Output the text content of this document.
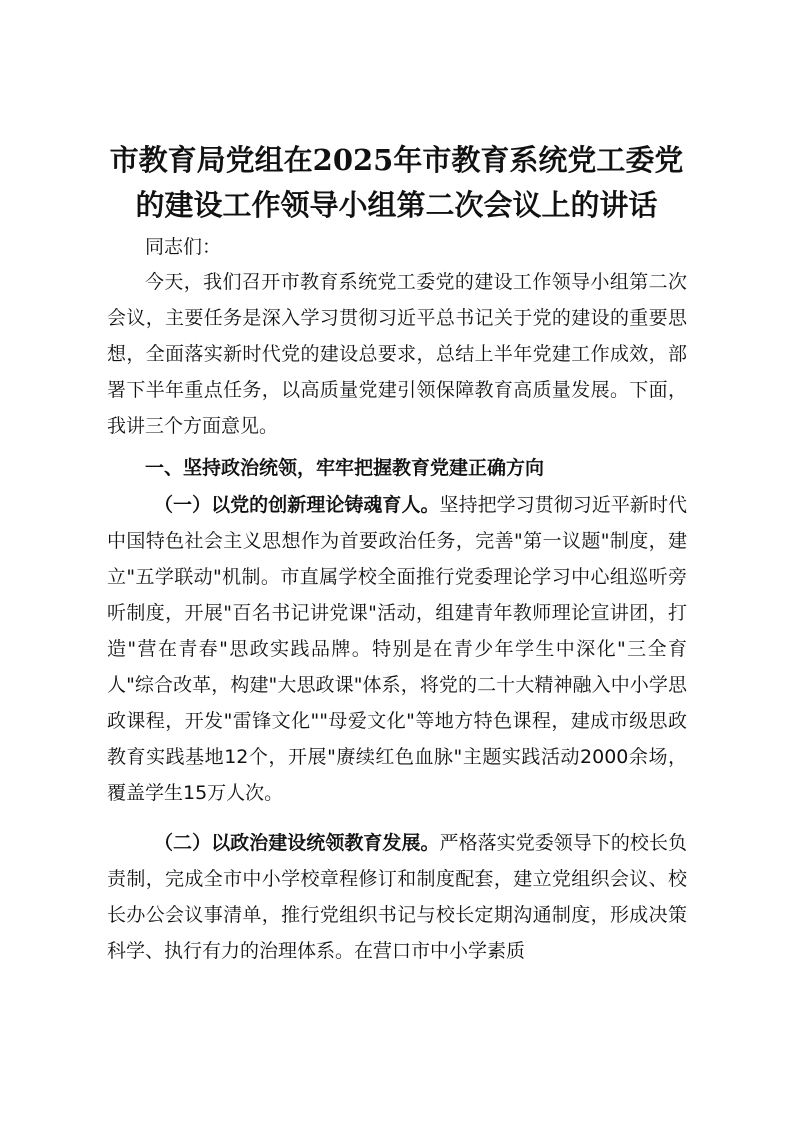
市教育局党组在2025年市教育系统党工委党
的建设工作领导小组第二次会议上的讲话

同志们：

今天，我们召开市教育系统党工委党的建设工作领导小组第二次会议，主要任务是深入学习贯彻习近平总书记关于党的建设的重要思想，全面落实新时代党的建设总要求，总结上半年党建工作成效，部署下半年重点任务，以高质量党建引领保障教育高质量发展。下面，我讲三个方面意见。

一、坚持政治统领，牢牢把握教育党建正确方向

（一）以党的创新理论铸魂育人。坚持把学习贯彻习近平新时代中国特色社会主义思想作为首要政治任务，完善"第一议题"制度，建立"五学联动"机制。市直属学校全面推行党委理论学习中心组巡听旁听制度，开展"百名书记讲党课"活动，组建青年教师理论宣讲团，打造"营在青春"思政实践品牌。特别是在青少年学生中深化"三全育人"综合改革，构建"大思政课"体系，将党的二十大精神融入中小学思政课程，开发"雷锋文化""母爱文化"等地方特色课程，建成市级思政教育实践基地12个，开展"赓续红色血脉"主题实践活动2000余场，覆盖学生15万人次。

（二）以政治建设统领教育发展。严格落实党委领导下的校长负责制，完成全市中小学校章程修订和制度配套，建立党组织会议、校长办公会议事清单，推行党组织书记与校长定期沟通制度，形成决策科学、执行有力的治理体系。在营口市中小学素质
